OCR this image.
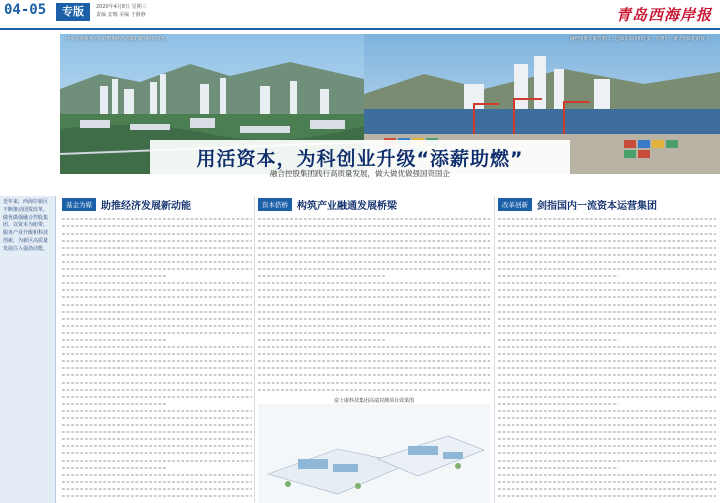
04-05	专版	2020年4月8日 星期三
责编 安娜 美编 于静静	青岛西海岸报
中央法务商务区后的繁华经济总部汇聚的时代风光。	融控国资大厦与港口、远端东海岸相比美，呈现出一派大国际化的样子。
用活资本，为科创业升级“添薪助燃”
融合控股集团践行高质量发展，做大做优做强国资国企
近年来，西海岸新区不断推动国资改革，做优做强融合控股集团，以资本为纽带，服务产业升级和科技创新，为新区高质量发展注入强劲动能。
基金为媒 助推经济发展新动能	资本搭桥 构筑产业融通发展桥梁
富士康科技集团高端封测项目效果图
改革创新 剑指国内一流资本运营集团
